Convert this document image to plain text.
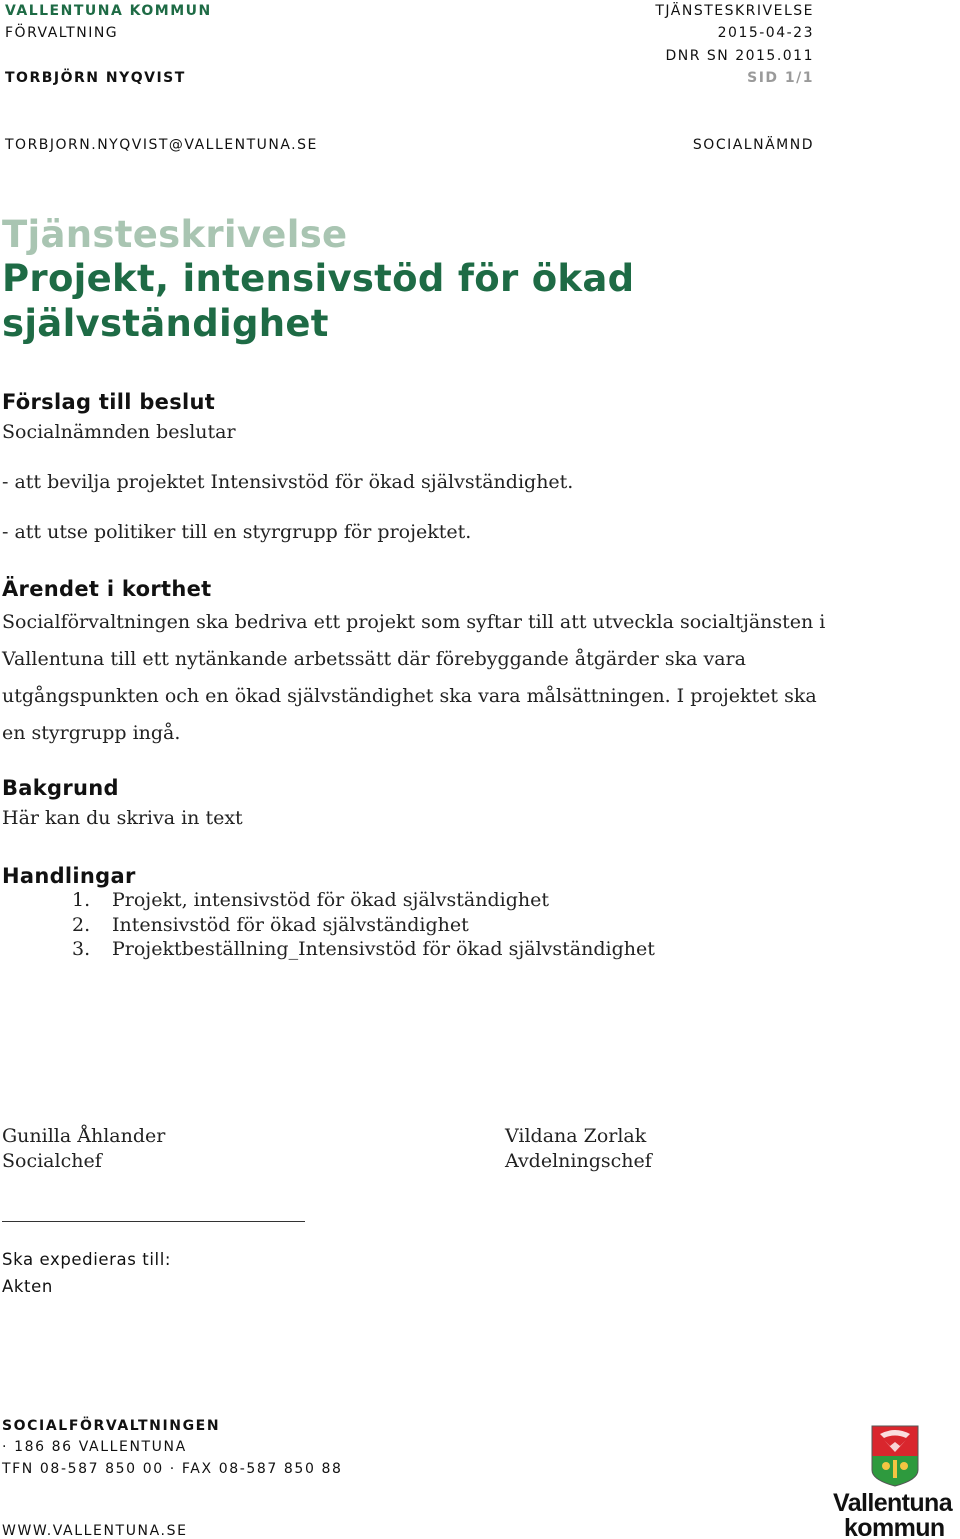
VALLENTUNA KOMMUN
FÖRVALTNING
TORBJÖRN NYQVIST
TORBJORN.NYQVIST@VALLENTUNA.SE
TJÄNSTESKRIVELSE
2015-04-23
DNR SN 2015.011
SID 1/1
SOCIALNÄMND
Tjänsteskrivelse
Projekt, intensivstöd för ökad
självständighet
Förslag till beslut
Socialnämnden beslutar
- att bevilja projektet Intensivstöd för ökad självständighet.
- att utse politiker till en styrgrupp för projektet.
Ärendet i korthet
Socialförvaltningen ska bedriva ett projekt som syftar till att utveckla socialtjänsten i Vallentuna till ett nytänkande arbetssätt där förebyggande åtgärder ska vara utgångspunkten och en ökad självständighet ska vara målsättningen. I projektet ska en styrgrupp ingå.
Bakgrund
Här kan du skriva in text
Handlingar
1. Projekt, intensivstöd för ökad självständighet
2. Intensivstöd för ökad självständighet
3. Projektbeställning_Intensivstöd för ökad självständighet
Gunilla Åhlander
Socialchef
Vildana Zorlak
Avdelningschef
Ska expedieras till:
Akten
SOCIALFÖRVALTNINGEN
· 186 86 VALLENTUNA
TFN 08-587 850 00 · FAX 08-587 850 88
WWW.VALLENTUNA.SE
Vallentuna
kommun
